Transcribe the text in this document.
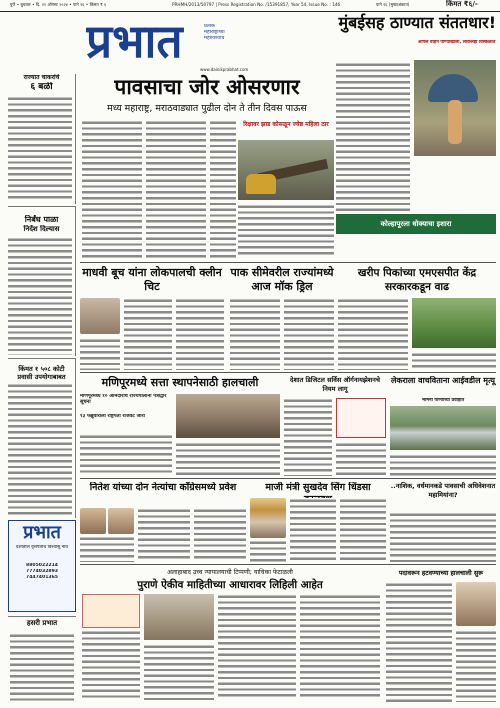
पुणे • बुधवार • दि. २१ ऑगस्ट २०२४ • पाने १६ • किंमत ₹ ६	PRHMH/2013/50797 | Press Registration No. /15391857, Year 54, Issue No. : 146	पाने १६ (मुख्यअंकात)	किंमत ₹६/-
प्रभात	प्रतीक
महाराष्ट्राच्या
महाविश्वाचे
www.dainikprabhat.com
मुंबईसह ठाण्यात संततधार!
आपले वाहने पाण्याखाली, लोकलही विस्कळीत
कोल्हापूरला धोक्याचा इशारा
राज्यात चाकरांचे
६ बळी
निर्बंध पाळा
निर्देश दिल्यास
किंमत १ ५०८ कोटी
प्रवासी उपयोगाबाबत
पावसाचा जोर ओसरणार
मध्य महाराष्ट्र, मराठवाड्यात पुढील दोन ते तीन दिवस पाऊस
रिक्षावर झाड कोसळून ज्येष्ठ महिला ठार
माधवी बूच यांना लोकपालची क्लीन चिट
पाक सीमेवरील राज्यांमध्ये आज मॉक ड्रिल
खरीप पिकांच्या एमएसपीत केंद्र सरकारकडून वाढ
मणिपूरमध्ये सत्ता स्थापनेसाठी हालचाली
मणिपूरमध्ये १० आमदारांचे राज्यपालांना पत्राद्वारे सूचना
१३ फेब्रुवारीला राष्ट्रपती राजवट जारी
देशात डिजिटल सर्विस ऑर्गनायझेशनचे नियम लागू
लेकराला वाचविताना आईवडील मृत्यू
भामनी पाण्याच्या प्रवाहात
नितेश यांच्या दोन नेत्यांचा काँग्रेसमध्ये प्रवेश	माजी मंत्री सुखदेव सिंग धिंडसा	..नाशिक, वर्धमानकडे पावसाची अधिवेशनात महामियांना?
प्रभात
देशातील वृत्तपत्राचे विश्वासू नाव
8805022214
7774032893
7447401365
अलाहाबाद उच्च न्यायालयाची टिप्पणी; याचिका फेटाळली
पुराणे ऐकीव माहितीच्या आधारावर लिहिली आहेत
पदावरून हटवण्याच्या हालचाली सुरू
हसरी प्रभात
